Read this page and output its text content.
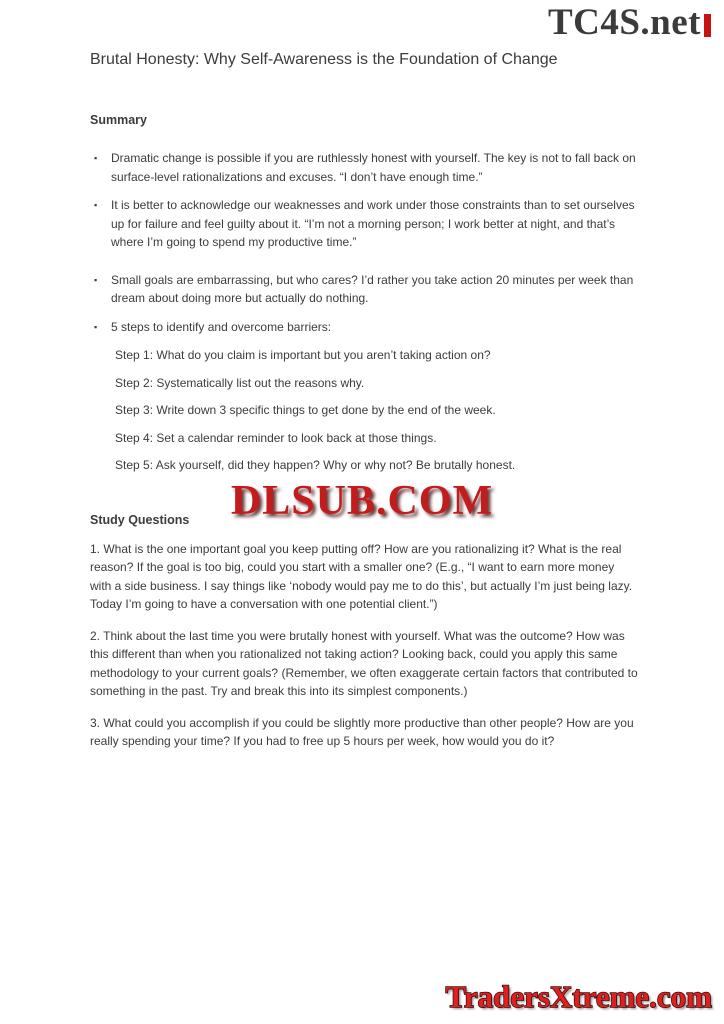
TC4S.net
Brutal Honesty: Why Self-Awareness is the Foundation of Change
Summary
▪	Dramatic change is possible if you are ruthlessly honest with yourself. The key is not to fall back on surface-level rationalizations and excuses. “I don’t have enough time.”
▪	It is better to acknowledge our weaknesses and work under those constraints than to set ourselves up for failure and feel guilty about it. “I’m not a morning person; I work better at night, and that’s where I’m going to spend my productive time.”
▪	Small goals are embarrassing, but who cares? I’d rather you take action 20 minutes per week than dream about doing more but actually do nothing.
▪	5 steps to identify and overcome barriers:

Step 1: What do you claim is important but you aren’t taking action on?

Step 2: Systematically list out the reasons why.

Step 3: Write down 3 specific things to get done by the end of the week.

Step 4: Set a calendar reminder to look back at those things.

Step 5: Ask yourself, did they happen? Why or why not? Be brutally honest.

Study Questions

1. What is the one important goal you keep putting off? How are you rationalizing it? What is the real reason? If the goal is too big, could you start with a smaller one? (E.g., “I want to earn more money with a side business. I say things like ‘nobody would pay me to do this’, but actually I’m just being lazy. Today I’m going to have a conversation with one potential client.”)

2. Think about the last time you were brutally honest with yourself. What was the outcome? How was this different than when you rationalized not taking action? Looking back, could you apply this same methodology to your current goals? (Remember, we often exaggerate certain factors that contributed to something in the past. Try and break this into its simplest components.)

3. What could you accomplish if you could be slightly more productive than other people? How are you really spending your time? If you had to free up 5 hours per week, how would you do it?

DLSUB.COM
TradersXtreme.com
